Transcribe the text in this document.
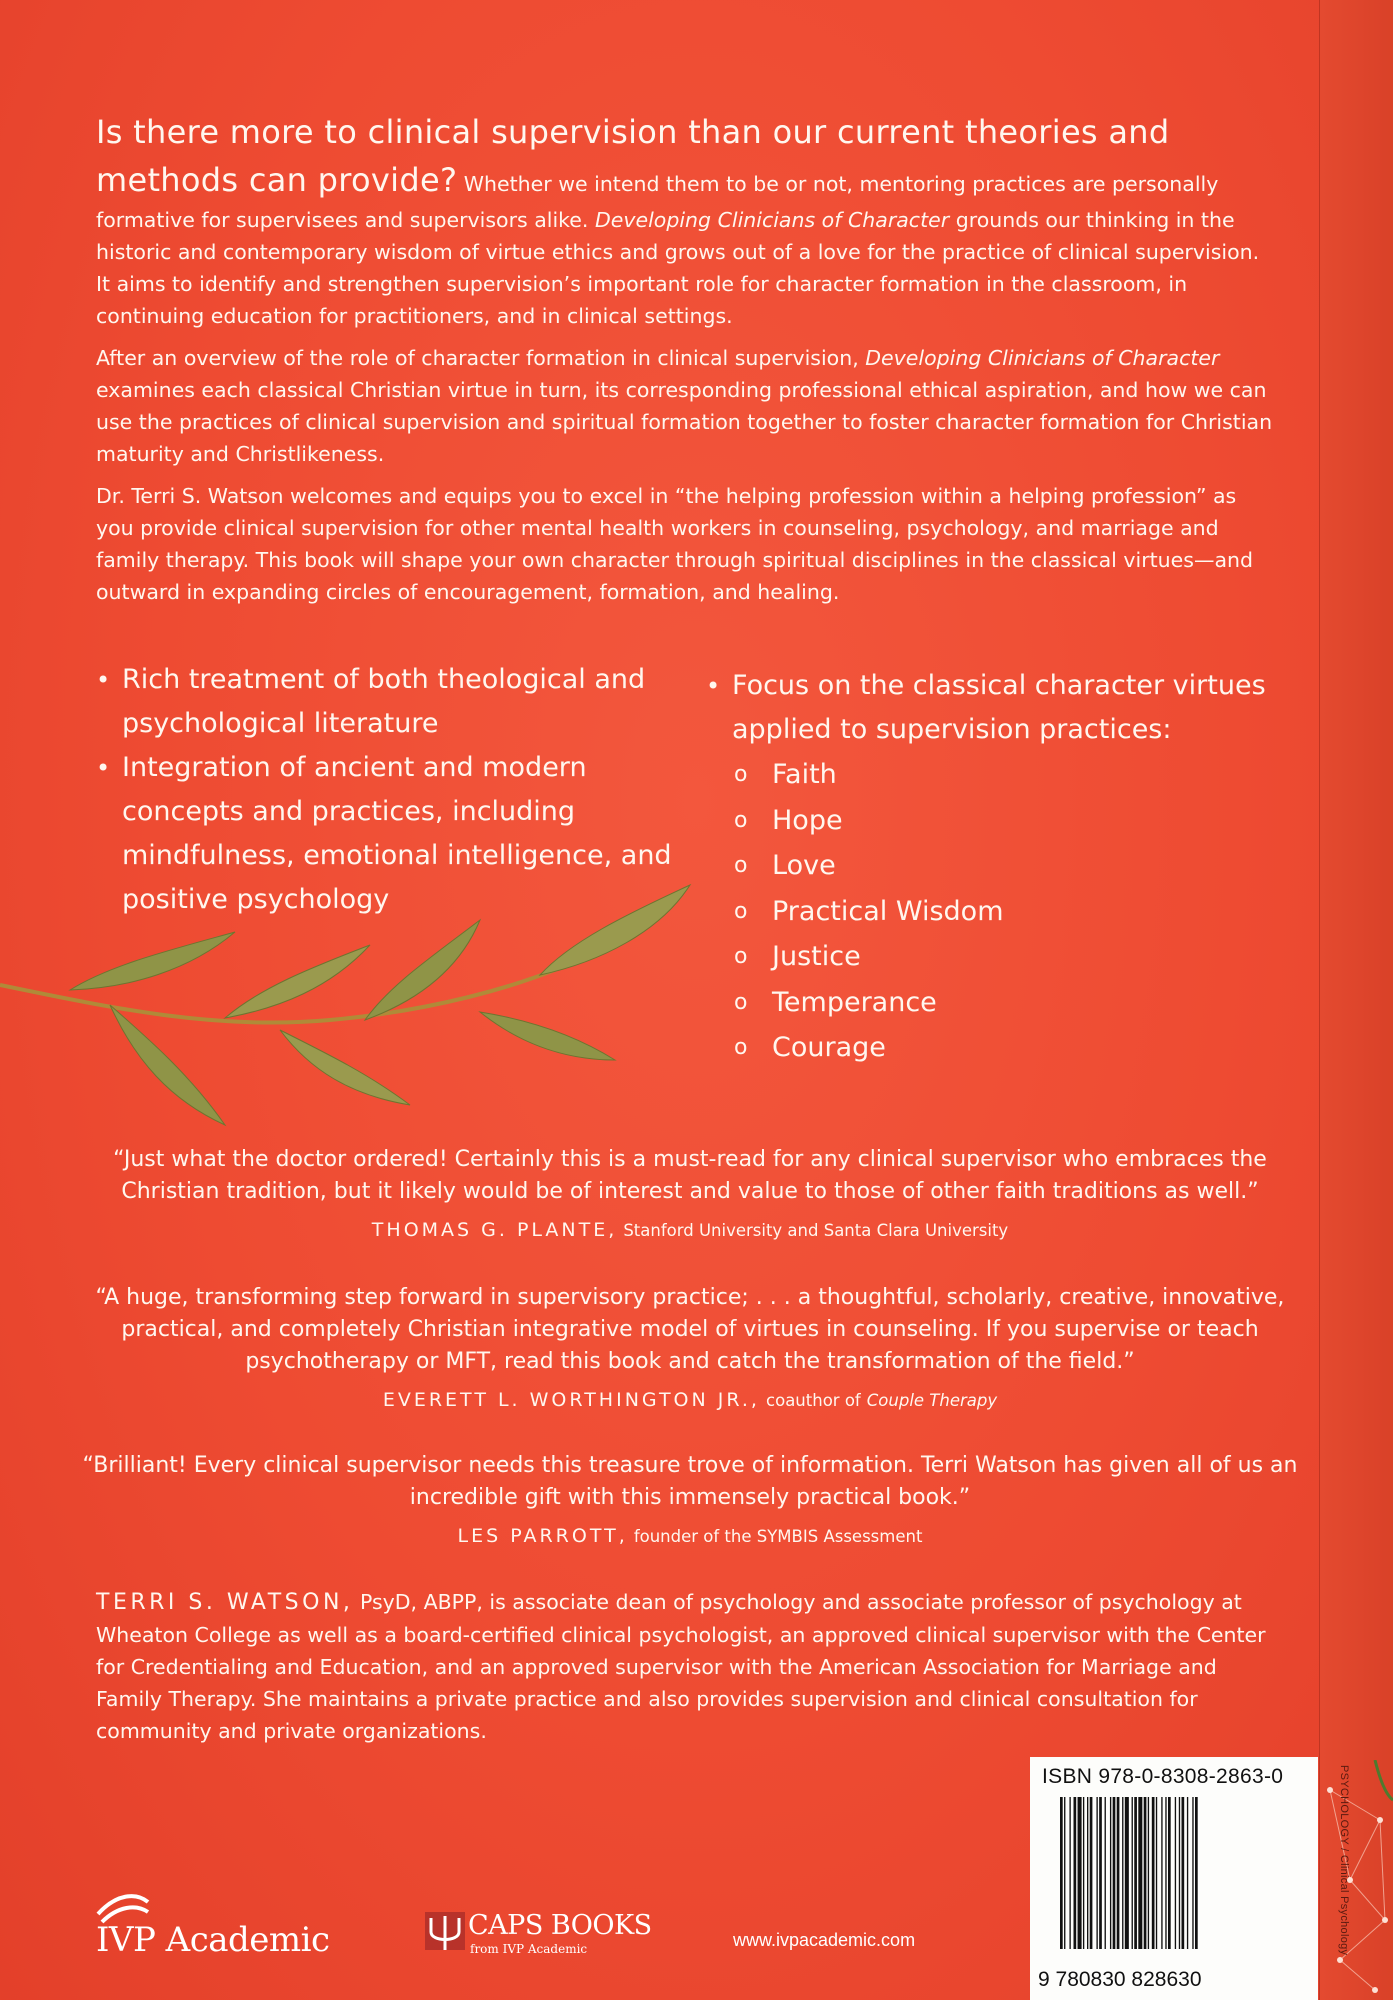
Is there more to clinical supervision than our current theories and methods can provide? Whether we intend them to be or not, mentoring practices are personally formative for supervisees and supervisors alike. Developing Clinicians of Character grounds our thinking in the historic and contemporary wisdom of virtue ethics and grows out of a love for the practice of clinical supervision. It aims to identify and strengthen supervision’s important role for character formation in the classroom, in continuing education for practitioners, and in clinical settings.
After an overview of the role of character formation in clinical supervision, Developing Clinicians of Character examines each classical Christian virtue in turn, its corresponding professional ethical aspiration, and how we can use the practices of clinical supervision and spiritual formation together to foster character formation for Christian maturity and Christlikeness.
Dr. Terri S. Watson welcomes and equips you to excel in “the helping profession within a helping profession” as you provide clinical supervision for other mental health workers in counseling, psychology, and marriage and family therapy. This book will shape your own character through spiritual disciplines in the classical virtues—and outward in expanding circles of encouragement, formation, and healing.
• Rich treatment of both theological and psychological literature
• Integration of ancient and modern concepts and practices, including mindfulness, emotional intelligence, and positive psychology
• Focus on the classical character virtues applied to supervision practices:
o Faith
o Hope
o Love
o Practical Wisdom
o Justice
o Temperance
o Courage
“Just what the doctor ordered! Certainly this is a must-read for any clinical supervisor who embraces the Christian tradition, but it likely would be of interest and value to those of other faith traditions as well.”
THOMAS G. PLANTE, Stanford University and Santa Clara University
“A huge, transforming step forward in supervisory practice; . . . a thoughtful, scholarly, creative, innovative, practical, and completely Christian integrative model of virtues in counseling. If you supervise or teach psychotherapy or MFT, read this book and catch the transformation of the field.”
EVERETT L. WORTHINGTON JR., coauthor of Couple Therapy
“Brilliant! Every clinical supervisor needs this treasure trove of information. Terri Watson has given all of us an incredible gift with this immensely practical book.”
LES PARROTT, founder of the SYMBIS Assessment
TERRI S. WATSON, PsyD, ABPP, is associate dean of psychology and associate professor of psychology at Wheaton College as well as a board-certified clinical psychologist, an approved clinical supervisor with the Center for Credentialing and Education, and an approved supervisor with the American Association for Marriage and Family Therapy. She maintains a private practice and also provides supervision and clinical consultation for community and private organizations.
ISBN 978-0-8308-2863-0
9 780830 828630
PSYCHOLOGY / Clinical Psychology
IVP Academic	CAPS BOOKS
from IVP Academic	www.ivpacademic.com
